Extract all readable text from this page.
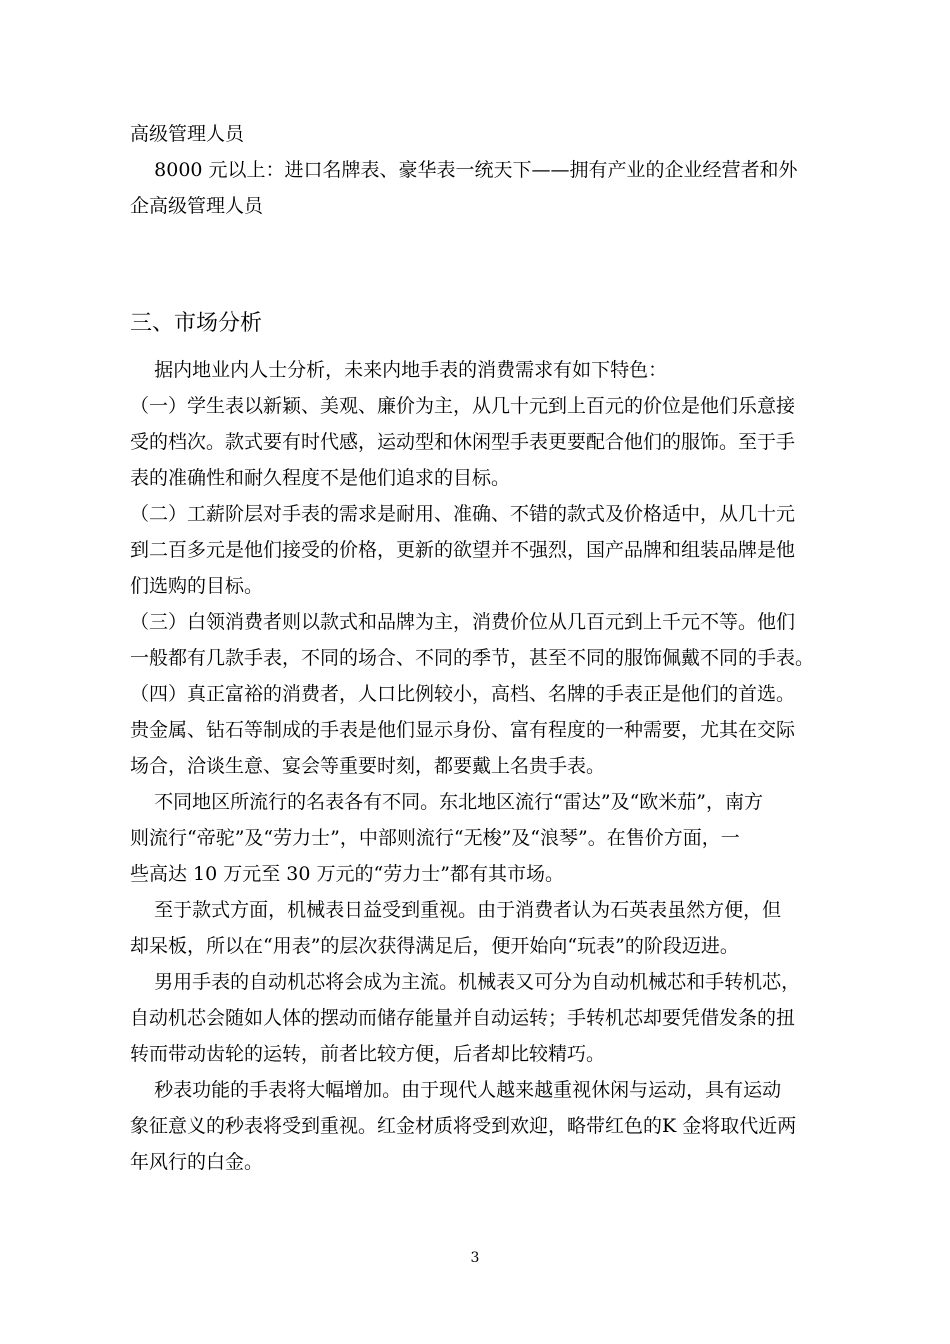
高级管理人员
8000 元以上：进口名牌表、豪华表一统天下——拥有产业的企业经营者和外
企高级管理人员
三、市场分析
据内地业内人士分析，未来内地手表的消费需求有如下特色：
（一）学生表以新颖、美观、廉价为主，从几十元到上百元的价位是他们乐意接
受的档次。款式要有时代感，运动型和休闲型手表更要配合他们的服饰。至于手
表的准确性和耐久程度不是他们追求的目标。
（二）工薪阶层对手表的需求是耐用、准确、不错的款式及价格适中，从几十元
到二百多元是他们接受的价格，更新的欲望并不强烈，国产品牌和组装品牌是他
们选购的目标。
（三）白领消费者则以款式和品牌为主，消费价位从几百元到上千元不等。他们
一般都有几款手表，不同的场合、不同的季节，甚至不同的服饰佩戴不同的手表。
（四）真正富裕的消费者，人口比例较小，高档、名牌的手表正是他们的首选。
贵金属、钻石等制成的手表是他们显示身份、富有程度的一种需要，尤其在交际
场合，洽谈生意、宴会等重要时刻，都要戴上名贵手表。
不同地区所流行的名表各有不同。东北地区流行“雷达”及“欧米茄”，南方
则流行“帝驼”及“劳力士”，中部则流行“无梭”及“浪琴”。在售价方面，一
些高达 10 万元至 30 万元的“劳力士”都有其市场。
至于款式方面，机械表日益受到重视。由于消费者认为石英表虽然方便，但
却呆板，所以在“用表”的层次获得满足后，便开始向“玩表”的阶段迈进。
男用手表的自动机芯将会成为主流。机械表又可分为自动机械芯和手转机芯，
自动机芯会随如人体的摆动而储存能量并自动运转；手转机芯却要凭借发条的扭
转而带动齿轮的运转，前者比较方便，后者却比较精巧。
秒表功能的手表将大幅增加。由于现代人越来越重视休闲与运动，具有运动
象征意义的秒表将受到重视。红金材质将受到欢迎，略带红色的K 金将取代近两
年风行的白金。
3
